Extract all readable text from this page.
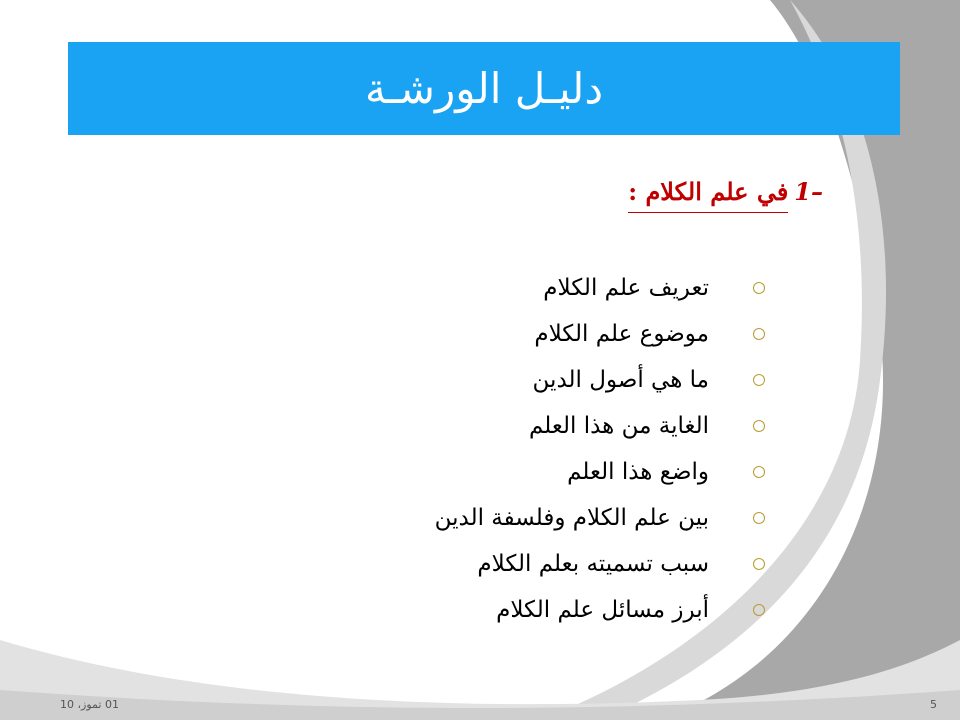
دليـل الورشـة
–1
في علم الكلام :
تعريف علم الكلام
موضوع علم الكلام
ما هي أصول الدين
الغاية من هذا العلم
واضع هذا العلم
بين علم الكلام وفلسفة الدين
سبب تسميته بعلم الكلام
أبرز مسائل علم الكلام
01 تموز، 10	5
